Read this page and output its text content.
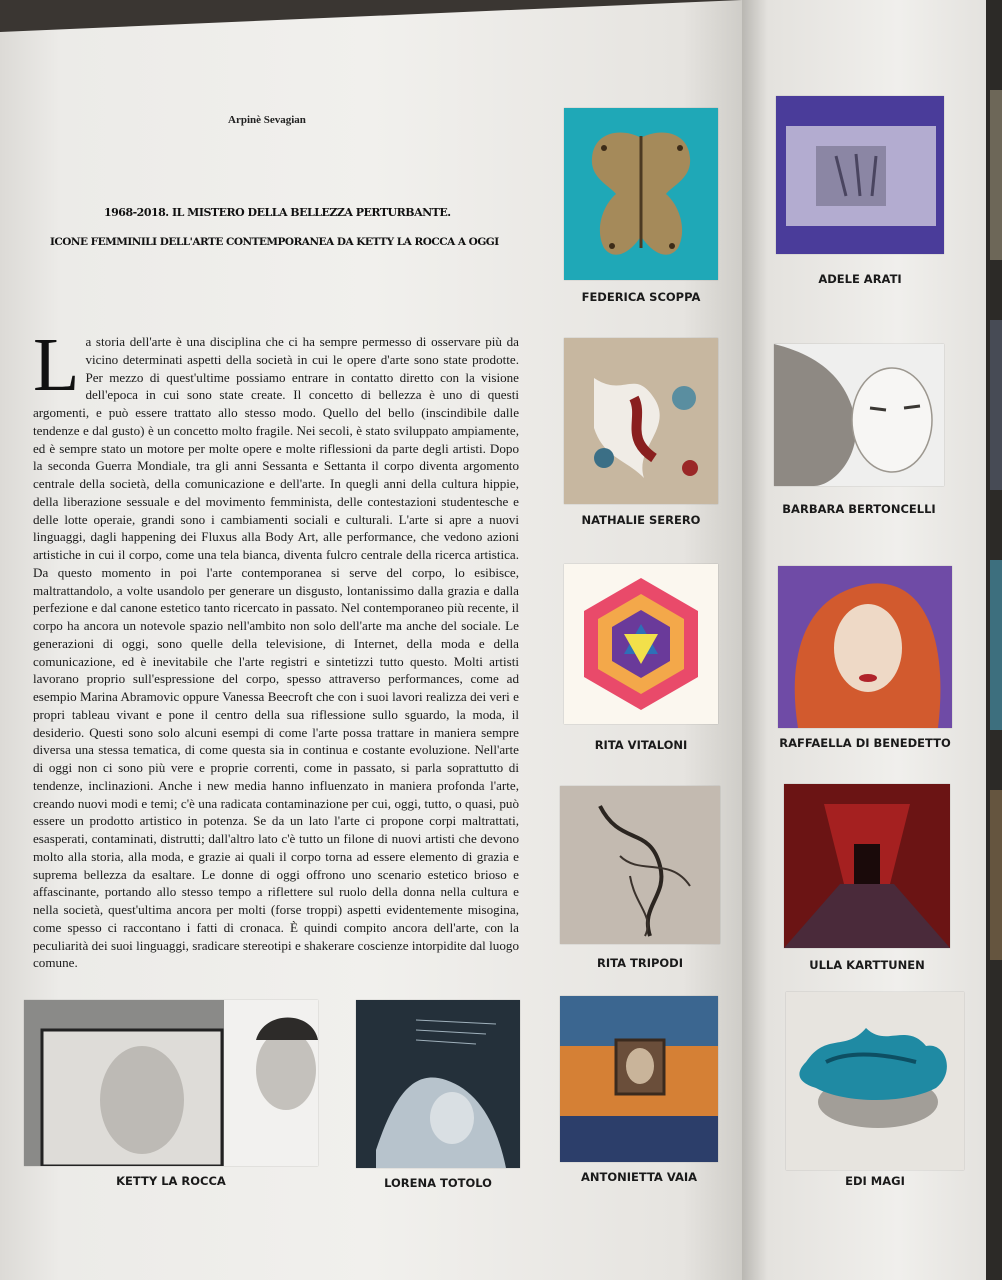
Arpinè Sevagian
1968-2018. IL MISTERO DELLA BELLEZZA PERTURBANTE.
ICONE FEMMINILI DELL'ARTE CONTEMPORANEA DA KETTY LA ROCCA A OGGI
L a storia dell'arte è una disciplina che ci ha sempre permesso di osservare più da vicino determinati aspetti della società in cui le opere d'arte sono state prodotte. Per mezzo di quest'ultime possiamo entrare in contatto diretto con la visione dell'epoca in cui sono state create. Il concetto di bellezza è uno di questi argomenti, e può essere trattato allo stesso modo. Quello del bello (inscindibile dalle tendenze e dal gusto) è un concetto molto fragile. Nei secoli, è stato sviluppato ampiamente, ed è sempre stato un motore per molte opere e molte riflessioni da parte degli artisti. Dopo la seconda Guerra Mondiale, tra gli anni Sessanta e Settanta il corpo diventa argomento centrale della società, della comunicazione e dell'arte. In quegli anni della cultura hippie, della liberazione sessuale e del movimento femminista, delle contestazioni studentesche e delle lotte operaie, grandi sono i cambiamenti sociali e culturali. L'arte si apre a nuovi linguaggi, dagli happening dei Fluxus alla Body Art, alle performance, che vedono azioni artistiche in cui il corpo, come una tela bianca, diventa fulcro centrale della ricerca artistica. Da questo momento in poi l'arte contemporanea si serve del corpo, lo esibisce, maltrattandolo, a volte usandolo per generare un disgusto, lontanissimo dalla grazia e dalla perfezione e dal canone estetico tanto ricercato in passato. Nel contemporaneo più recente, il corpo ha ancora un notevole spazio nell'ambito non solo dell'arte ma anche del sociale. Le generazioni di oggi, sono quelle della televisione, di Internet, della moda e della comunicazione, ed è inevitabile che l'arte registri e sintetizzi tutto questo. Molti artisti lavorano proprio sull'espressione del corpo, spesso attraverso performances, come ad esempio Marina Abramovic oppure Vanessa Beecroft che con i suoi lavori realizza dei veri e propri tableau vivant e pone il centro della sua riflessione sullo sguardo, la moda, il desiderio. Questi sono solo alcuni esempi di come l'arte possa trattare in maniera sempre diversa una stessa tematica, di come questa sia in continua e costante evoluzione. Nell'arte di oggi non ci sono più vere e proprie correnti, come in passato, si parla soprattutto di tendenze, inclinazioni. Anche i new media hanno influenzato in maniera profonda l'arte, creando nuovi modi e temi; c'è una radicata contaminazione per cui, oggi, tutto, o quasi, può essere un prodotto artistico in potenza. Se da un lato l'arte ci propone corpi maltrattati, esasperati, contaminati, distrutti; dall'altro lato c'è tutto un filone di nuovi artisti che devono molto alla storia, alla moda, e grazie ai quali il corpo torna ad essere elemento di grazia e suprema bellezza da esaltare. Le donne di oggi offrono uno scenario estetico brioso e affascinante, portando allo stesso tempo a riflettere sul ruolo della donna nella cultura e nella società, quest'ultima ancora per molti (forse troppi) aspetti evidentemente misogina, come spesso ci raccontano i fatti di cronaca. È quindi compito ancora dell'arte, con la peculiarità dei suoi linguaggi, sradicare stereotipi e shakerare coscienze intorpidite dal luogo comune.

FEDERICA SCOPPA
NATHALIE SERERO
RITA VITALONI
RITA TRIPODI
KETTY LA ROCCA	LORENA TOTOLO	ANTONIETTA VAIA
ADELE ARATI
BARBARA BERTONCELLI
RAFFAELLA DI BENEDETTO
ULLA KARTTUNEN
EDI MAGI
